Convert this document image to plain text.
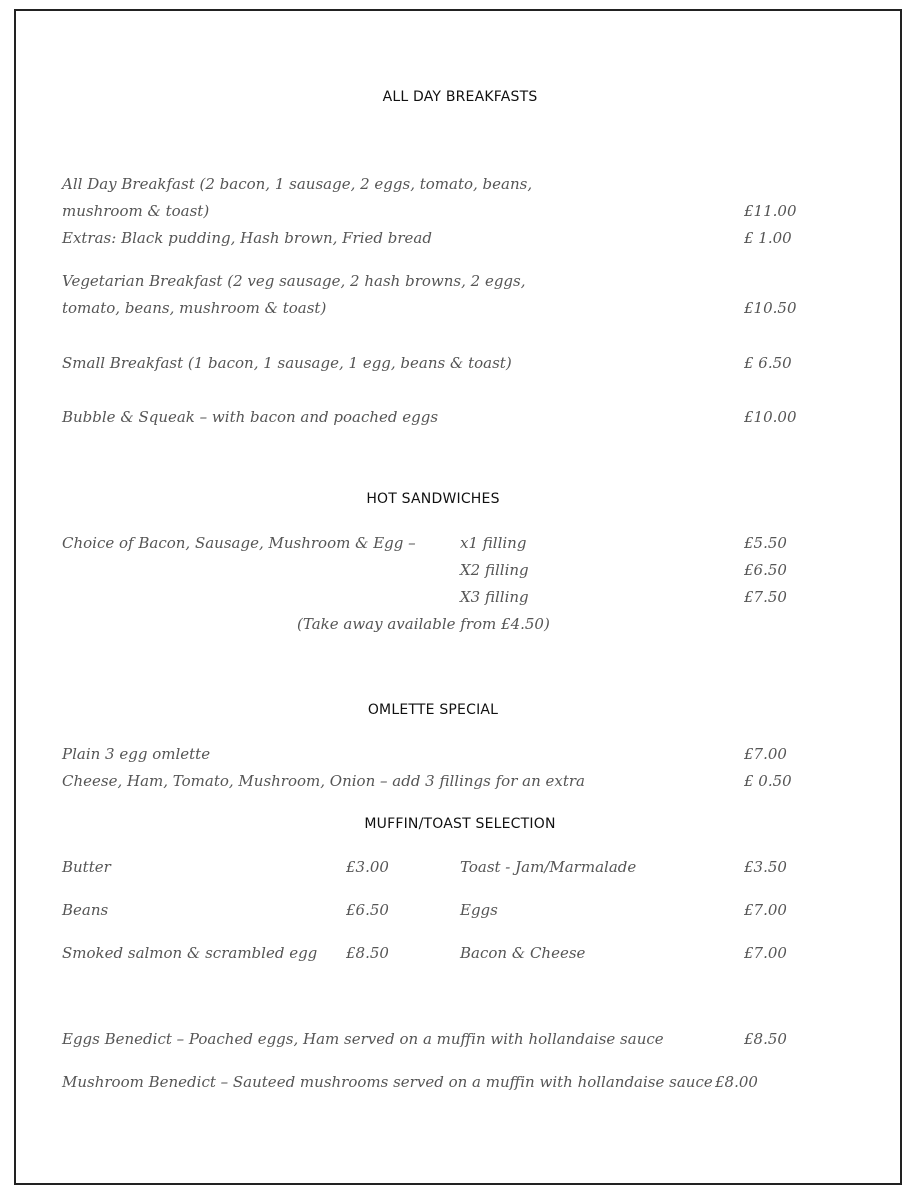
ALL DAY BREAKFASTS
All Day Breakfast (2 bacon, 1 sausage, 2 eggs, tomato, beans,
mushroom & toast)	£11.00
Extras: Black pudding, Hash brown, Fried bread	£ 1.00
Vegetarian Breakfast (2 veg sausage, 2 hash browns, 2 eggs,
tomato, beans, mushroom & toast)	£10.50
Small Breakfast (1 bacon, 1 sausage, 1 egg, beans & toast)	£ 6.50
Bubble & Squeak – with bacon and poached eggs	£10.00
HOT SANDWICHES
Choice of Bacon, Sausage, Mushroom & Egg –	x1 filling	£5.50
X2 filling	£6.50
X3 filling	£7.50
(Take away available from £4.50)
OMLETTE SPECIAL
Plain 3 egg omlette	£7.00
Cheese, Ham, Tomato, Mushroom, Onion – add 3 fillings for an extra	£ 0.50
MUFFIN/TOAST SELECTION
Butter	£3.00	Toast - Jam/Marmalade	£3.50
Beans	£6.50	Eggs	£7.00
Smoked salmon & scrambled egg £8.50	Bacon & Cheese	£7.00
Eggs Benedict – Poached eggs, Ham served on a muffin with hollandaise sauce	£8.50
Mushroom Benedict – Sauteed mushrooms served on a muffin with hollandaise sauce £8.00
